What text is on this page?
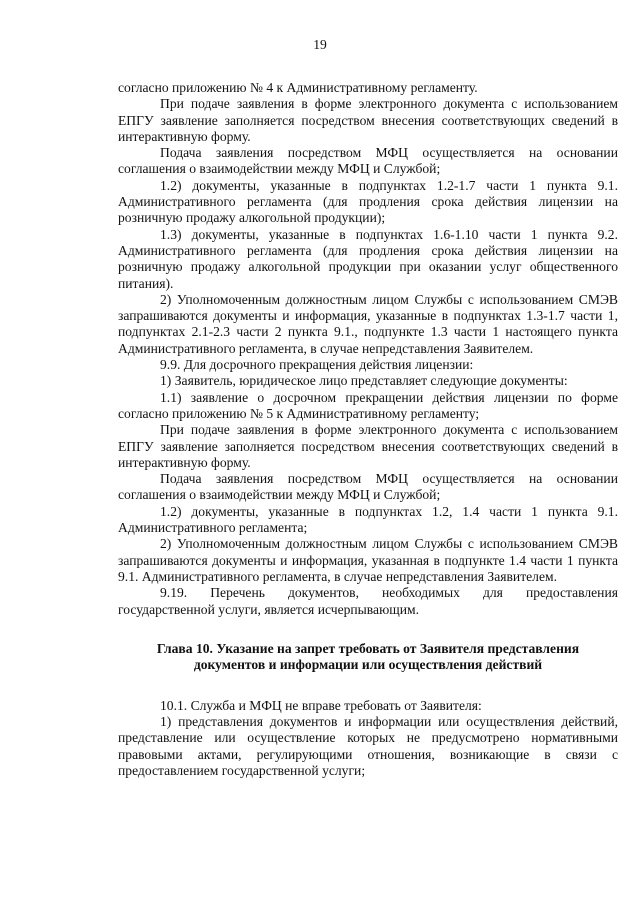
19

согласно приложению № 4 к Административному регламенту.

При подаче заявления в форме электронного документа с использованием ЕПГУ заявление заполняется посредством внесения соответствующих сведений в интерактивную форму.

Подача заявления посредством МФЦ осуществляется на основании соглашения о взаимодействии между МФЦ и Службой;

1.2) документы, указанные в подпунктах 1.2-1.7 части 1 пункта 9.1. Административного регламента (для продления срока действия лицензии на розничную продажу алкогольной продукции);

1.3) документы, указанные в подпунктах 1.6-1.10 части 1 пункта 9.2. Административного регламента (для продления срока действия лицензии на розничную продажу алкогольной продукции при оказании услуг общественного питания).

2) Уполномоченным должностным лицом Службы с использованием СМЭВ запрашиваются документы и информация, указанные в подпунктах 1.3-1.7 части 1, подпунктах 2.1-2.3 части 2 пункта 9.1., подпункте 1.3 части 1 настоящего пункта Административного регламента, в случае непредставления Заявителем.

9.9. Для досрочного прекращения действия лицензии:

1) Заявитель, юридическое лицо представляет следующие документы:

1.1) заявление о досрочном прекращении действия лицензии по форме согласно приложению № 5 к Административному регламенту;

При подаче заявления в форме электронного документа с использованием ЕПГУ заявление заполняется посредством внесения соответствующих сведений в интерактивную форму.

Подача заявления посредством МФЦ осуществляется на основании соглашения о взаимодействии между МФЦ и Службой;

1.2) документы, указанные в подпунктах 1.2, 1.4 части 1 пункта 9.1. Административного регламента;

2) Уполномоченным должностным лицом Службы с использованием СМЭВ запрашиваются документы и информация, указанная в подпункте 1.4 части 1 пункта 9.1. Административного регламента, в случае непредставления Заявителем.

9.19. Перечень документов, необходимых для предоставления государственной услуги, является исчерпывающим.

Глава 10. Указание на запрет требовать от Заявителя представления
документов и информации или осуществления действий

10.1. Служба и МФЦ не вправе требовать от Заявителя:

1) представления документов и информации или осуществления действий, представление или осуществление которых не предусмотрено нормативными правовыми актами, регулирующими отношения, возникающие в связи с предоставлением государственной услуги;
